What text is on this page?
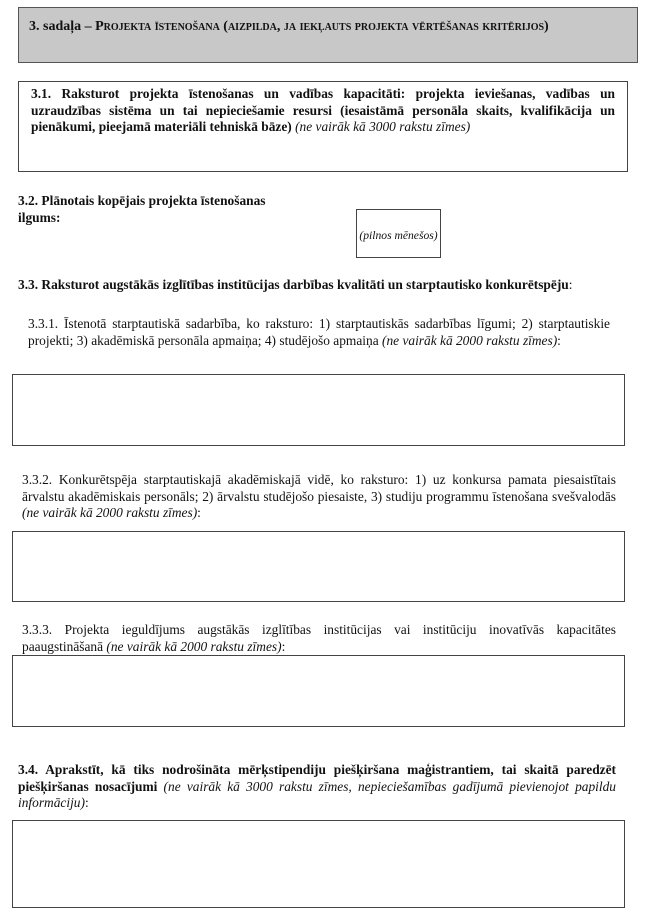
3. sadaļa – Projekta īstenošana (aizpilda, ja iekļauts projekta vērtēšanas kritērijos)
3.1. Raksturot projekta īstenošanas un vadības kapacitāti: projekta ieviešanas, vadības un uzraudzības sistēma un tai nepieciešamie resursi (iesaistāmā personāla skaits, kvalifikācija un pienākumi, pieejamā materiāli tehniskā bāze) (ne vairāk kā 3000 rakstu zīmes)
3.2. Plānotais kopējais projekta īstenošanas ilgums:
(pilnos mēnešos)
3.3. Raksturot augstākās izglītības institūcijas darbības kvalitāti un starptautisko konkurētspēju:
3.3.1. Īstenotā starptautiskā sadarbība, ko raksturo: 1) starptautiskās sadarbības līgumi; 2) starptautiskie projekti; 3) akadēmiskā personāla apmaiņa; 4) studējošo apmaiņa (ne vairāk kā 2000 rakstu zīmes):
3.3.2. Konkurētspēja starptautiskajā akadēmiskajā vidē, ko raksturo: 1) uz konkursa pamata piesaistītais ārvalstu akadēmiskais personāls; 2) ārvalstu studējošo piesaiste, 3) studiju programmu īstenošana svešvalodās (ne vairāk kā 2000 rakstu zīmes):
3.3.3. Projekta ieguldījums augstākās izglītības institūcijas vai institūciju inovatīvās kapacitātes paaugstināšanā (ne vairāk kā 2000 rakstu zīmes):
3.4. Aprakstīt, kā tiks nodrošināta mērķstipendiju piešķiršana maģistrantiem, tai skaitā paredzēt piešķiršanas nosacījumi (ne vairāk kā 3000 rakstu zīmes, nepieciešamības gadījumā pievienojot papildu informāciju):
